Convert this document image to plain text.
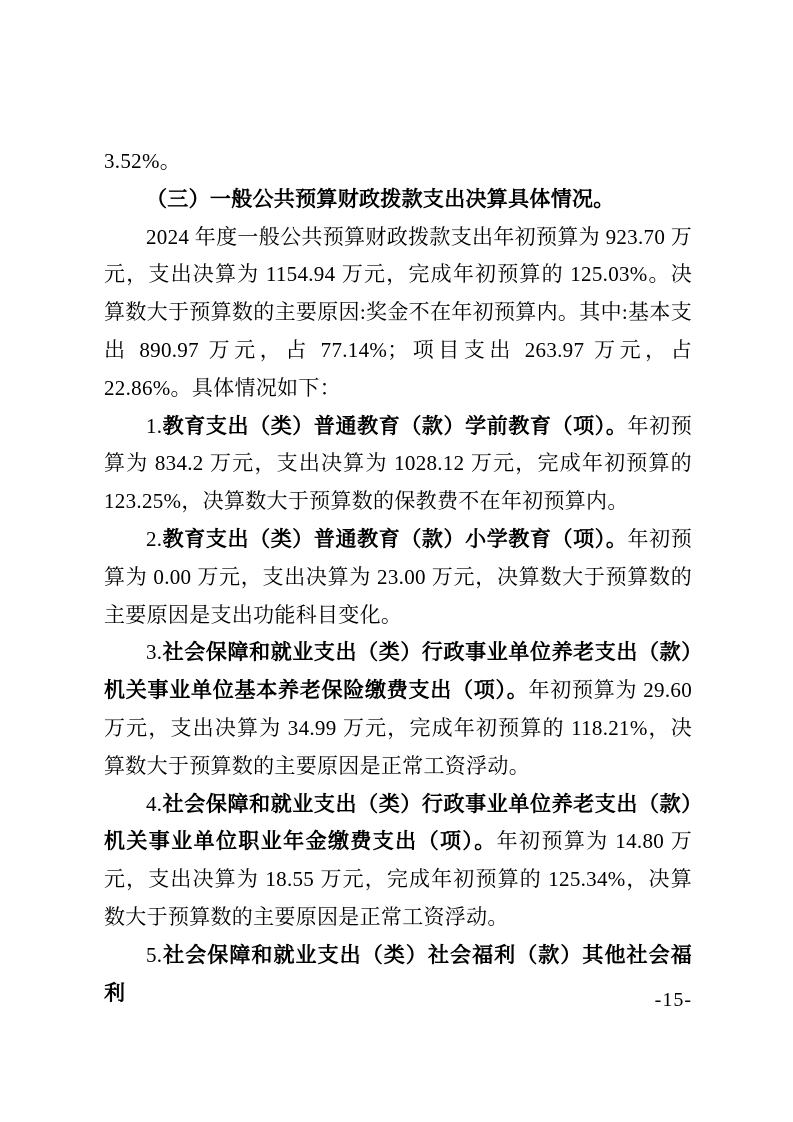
3.52%。

（三）一般公共预算财政拨款支出决算具体情况。

2024 年度一般公共预算财政拨款支出年初预算为 923.70 万元，支出决算为 1154.94 万元，完成年初预算的 125.03%。决算数大于预算数的主要原因:奖金不在年初预算内。其中:基本支出 890.97 万元，占 77.14%；项目支出 263.97 万元，占 22.86%。具体情况如下：

1.教育支出（类）普通教育（款）学前教育（项）。年初预算为 834.2 万元，支出决算为 1028.12 万元，完成年初预算的 123.25%，决算数大于预算数的保教费不在年初预算内。

2.教育支出（类）普通教育（款）小学教育（项）。年初预算为 0.00 万元，支出决算为 23.00 万元，决算数大于预算数的主要原因是支出功能科目变化。

3.社会保障和就业支出（类）行政事业单位养老支出（款）机关事业单位基本养老保险缴费支出（项）。年初预算为 29.60 万元，支出决算为 34.99 万元，完成年初预算的 118.21%，决算数大于预算数的主要原因是正常工资浮动。

4.社会保障和就业支出（类）行政事业单位养老支出（款）机关事业单位职业年金缴费支出（项）。年初预算为 14.80 万元，支出决算为 18.55 万元，完成年初预算的 125.34%，决算数大于预算数的主要原因是正常工资浮动。

5.社会保障和就业支出（类）社会福利（款）其他社会福利	-15-
